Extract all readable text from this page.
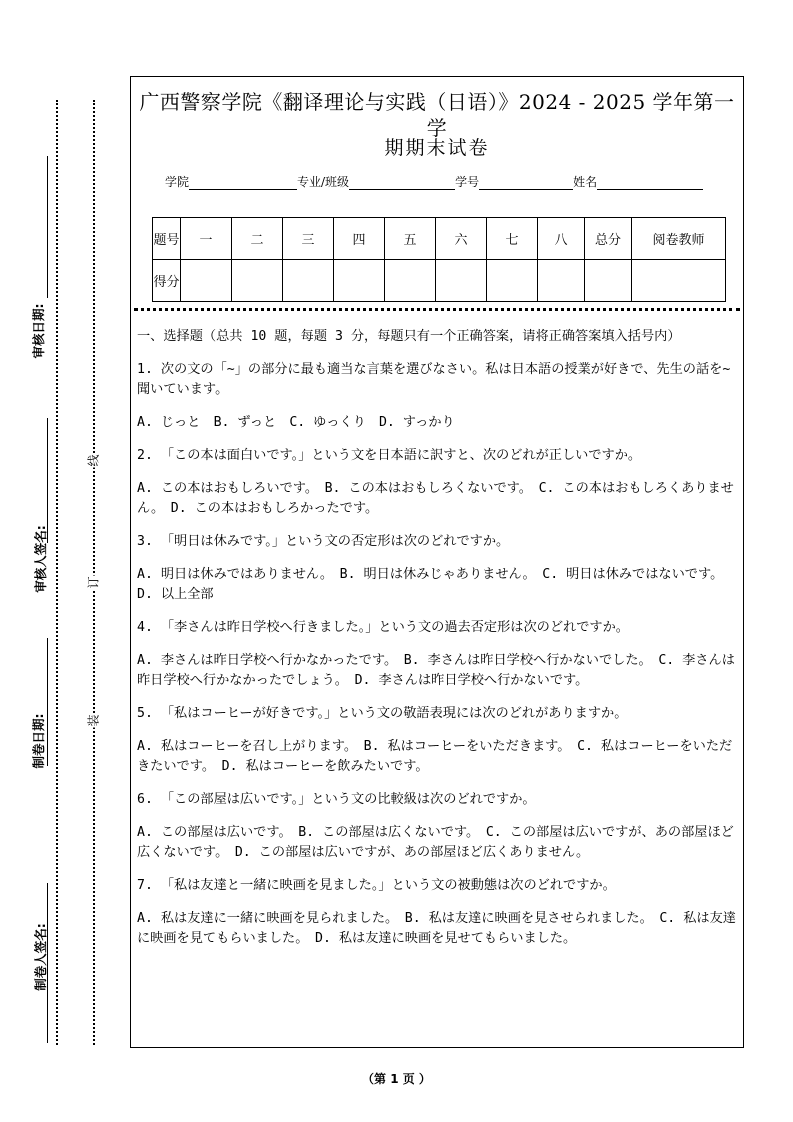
审核日期:
审核人签名:
制卷日期:
制卷人签名:
线
订
装
广西警察学院《翻译理论与实践（日语）》2024 - 2025 学年第一学
期期末试卷
学院	专业/班级	学号	姓名
题号	一	二	三	四	五	六	七	八	总分	阅卷教师
得分										

一、选择题（总共 10 题，每题 3 分，每题只有一个正确答案，请将正确答案填入括号内）

1. 次の文の「~」の部分に最も適当な言葉を選びなさい。私は日本語の授業が好きで、先生の話を~聞いています。

A. じっと　B. ずっと　C. ゆっくり　D. すっかり

2. 「この本は面白いです。」という文を日本語に訳すと、次のどれが正しいですか。

A. この本はおもしろいです。　B. この本はおもしろくないです。　C. この本はおもしろくありません。　D. この本はおもしろかったです。

3. 「明日は休みです。」という文の否定形は次のどれですか。

A. 明日は休みではありません。　B. 明日は休みじゃありません。　C. 明日は休みではないです。　D. 以上全部

4. 「李さんは昨日学校へ行きました。」という文の過去否定形は次のどれですか。

A. 李さんは昨日学校へ行かなかったです。　B. 李さんは昨日学校へ行かないでした。　C. 李さんは昨日学校へ行かなかったでしょう。　D. 李さんは昨日学校へ行かないです。

5. 「私はコーヒーが好きです。」という文の敬語表現には次のどれがありますか。

A. 私はコーヒーを召し上がります。　B. 私はコーヒーをいただきます。　C. 私はコーヒーをいただきたいです。　D. 私はコーヒーを飲みたいです。

6. 「この部屋は広いです。」という文の比較級は次のどれですか。

A. この部屋は広いです。　B. この部屋は広くないです。　C. この部屋は広いですが、あの部屋ほど広くないです。　D. この部屋は広いですが、あの部屋ほど広くありません。

7. 「私は友達と一緒に映画を見ました。」という文の被動態は次のどれですか。

A. 私は友達に一緒に映画を見られました。　B. 私は友達に映画を見させられました。　C. 私は友達に映画を見てもらいました。　D. 私は友達に映画を見せてもらいました。

（第 1 页 ）
